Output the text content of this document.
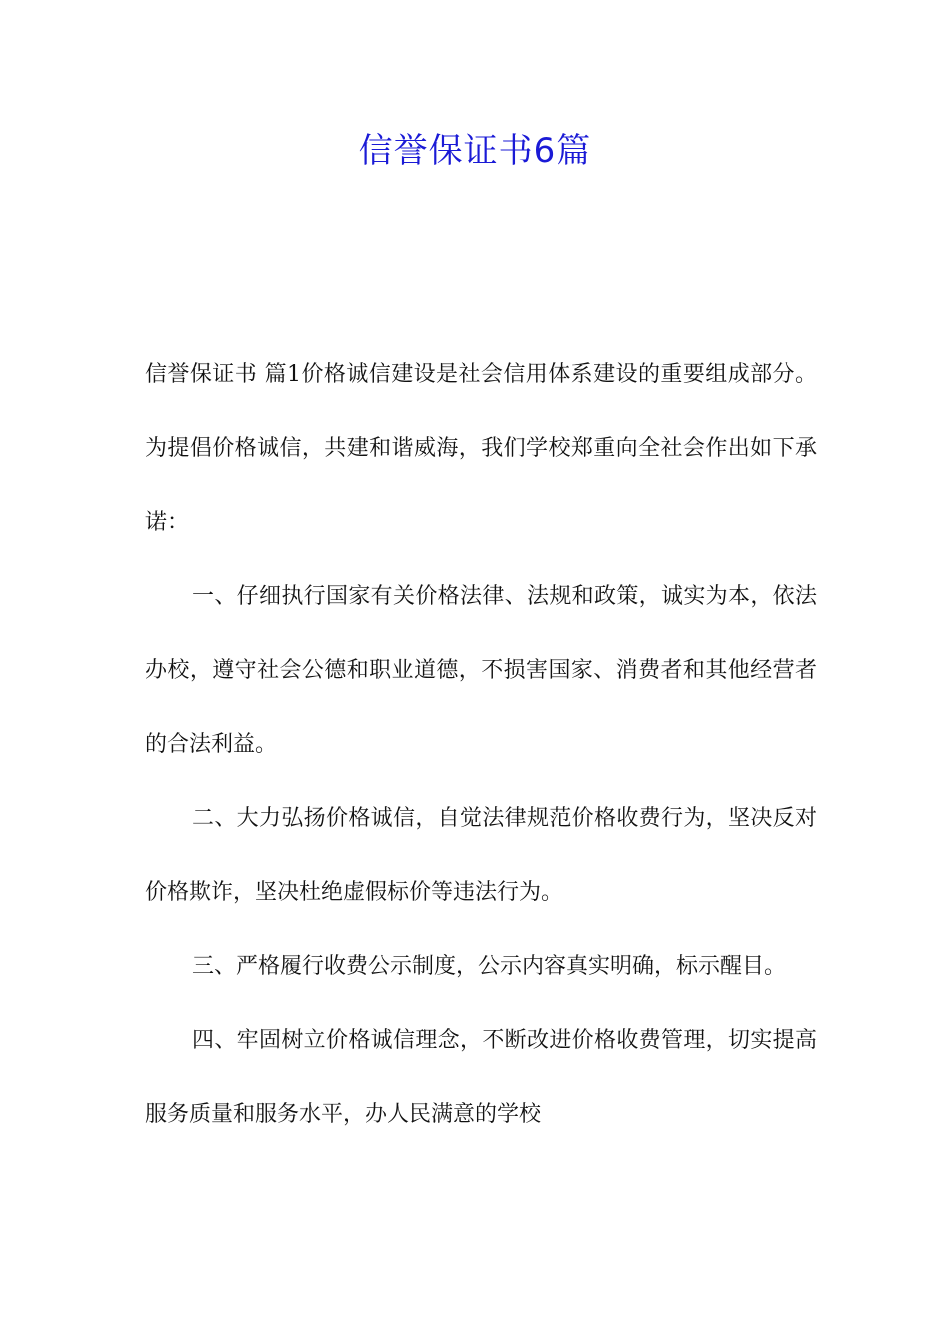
信誉保证书6篇

信誉保证书 篇1价格诚信建设是社会信用体系建设的重要组成部分。为提倡价格诚信，共建和谐威海，我们学校郑重向全社会作出如下承诺：

一、仔细执行国家有关价格法律、法规和政策，诚实为本，依法办校，遵守社会公德和职业道德，不损害国家、消费者和其他经营者的合法利益。

二、大力弘扬价格诚信，自觉法律规范价格收费行为，坚决反对价格欺诈，坚决杜绝虚假标价等违法行为。

三、严格履行收费公示制度，公示内容真实明确，标示醒目。

四、牢固树立价格诚信理念，不断改进价格收费管理，切实提高服务质量和服务水平，办人民满意的学校
